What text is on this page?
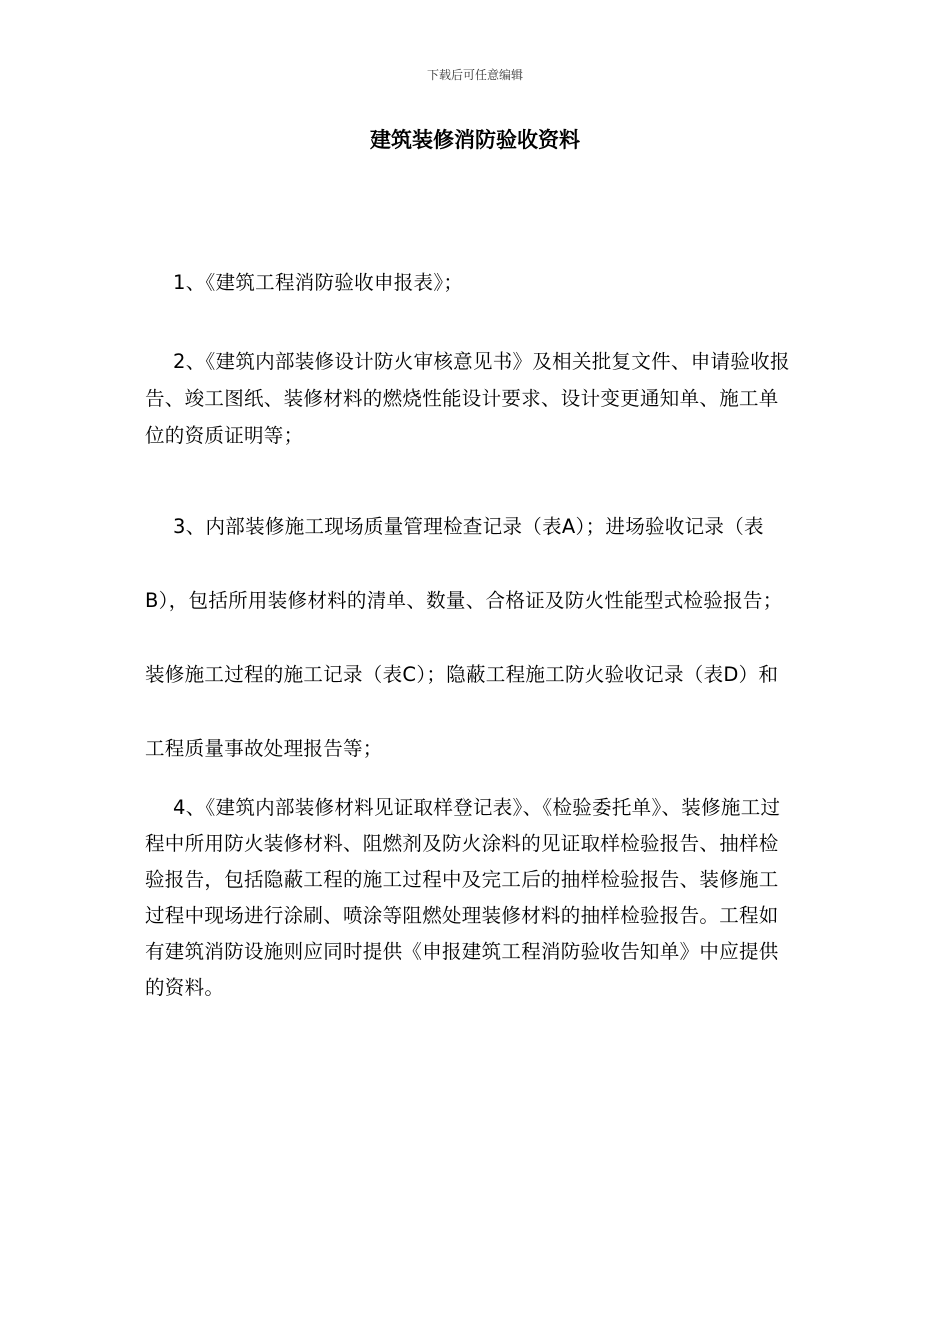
下载后可任意编辑
建筑装修消防验收资料

1、《建筑工程消防验收申报表》；

2、《建筑内部装修设计防火审核意见书》及相关批复文件、申请验收报告、竣工图纸、装修材料的燃烧性能设计要求、设计变更通知单、施工单位的资质证明等；

3、内部装修施工现场质量管理检查记录（表A）；进场验收记录（表B），包括所用装修材料的清单、数量、合格证及防火性能型式检验报告；装修施工过程的施工记录（表C）；隐蔽工程施工防火验收记录（表D）和工程质量事故处理报告等；

4、《建筑内部装修材料见证取样登记表》、《检验委托单》、装修施工过程中所用防火装修材料、阻燃剂及防火涂料的见证取样检验报告、抽样检验报告，包括隐蔽工程的施工过程中及完工后的抽样检验报告、装修施工过程中现场进行涂刷、喷涂等阻燃处理装修材料的抽样检验报告。工程如有建筑消防设施则应同时提供《申报建筑工程消防验收告知单》中应提供的资料。
